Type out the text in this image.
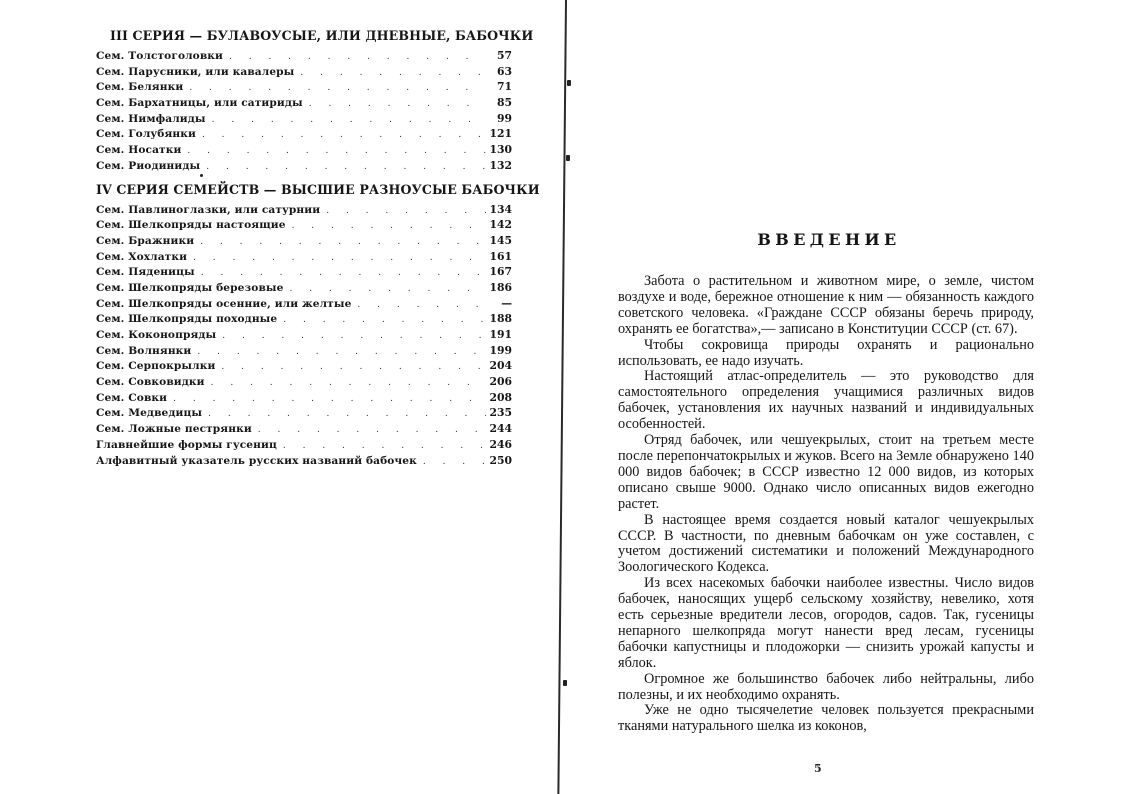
III СЕРИЯ — БУЛАВОУСЫЕ, ИЛИ ДНЕВНЫЕ, БАБОЧКИ
Сем. Толстоголовки . . .	57
Сем. Парусники, или кавалеры . . .	63
Сем. Белянки . . .	71
Сем. Бархатницы, или сатириды . . .	85
Сем. Нимфалиды . . .	99
Сем. Голубянки . . .	121
Сем. Носатки . . .	130
Сем. Риодиниды . . .	132
IV СЕРИЯ СЕМЕЙСТВ — ВЫСШИЕ РАЗНОУСЫЕ БАБОЧКИ
Сем. Павлиноглазки, или сатурнии . . .	134
Сем. Шелкопряды настоящие . . .	142
Сем. Бражники . . .	145
Сем. Хохлатки . . .	161
Сем. Пяденицы . . .	167
Сем. Шелкопряды березовые . . .	186
Сем. Шелкопряды осенние, или желтые . . .	—
Сем. Шелкопряды походные . . .	188
Сем. Коконопряды . . .	191
Сем. Волнянки . . .	199
Сем. Серпокрылки . . .	204
Сем. Совковидки . . .	206
Сем. Совки . . .	208
Сем. Медведицы . . .	235
Сем. Ложные пестрянки . . .	244
Главнейшие формы гусениц . . .	246
Алфавитный указатель русских названий бабочек . . .	250
ВВЕДЕНИЕ

Забота о растительном и животном мире, о земле, чистом воздухе и воде, бережное отношение к ним — обязанность каждого советского человека. «Граждане СССР обязаны беречь природу, охранять ее богатства»,— записано в Конституции СССР (ст. 67).

Чтобы сокровища природы охранять и рационально использовать, ее надо изучать.

Настоящий атлас-определитель — это руководство для самостоятельного определения учащимися различных видов бабочек, установления их научных названий и индивидуальных особенностей.

Отряд бабочек, или чешуекрылых, стоит на третьем месте после перепончатокрылых и жуков. Всего на Земле обнаружено 140 000 видов бабочек; в СССР известно 12 000 видов, из которых описано свыше 9000. Однако число описанных видов ежегодно растет.

В настоящее время создается новый каталог чешуекрылых СССР. В частности, по дневным бабочкам он уже составлен, с учетом достижений систематики и положений Международного Зоологического Кодекса.

Из всех насекомых бабочки наиболее известны. Число видов бабочек, наносящих ущерб сельскому хозяйству, невелико, хотя есть серьезные вредители лесов, огородов, садов. Так, гусеницы непарного шелкопряда могут нанести вред лесам, гусеницы бабочки капустницы и плодожорки — снизить урожай капусты и яблок.

Огромное же большинство бабочек либо нейтральны, либо полезны, и их необходимо охранять.

Уже не одно тысячелетие человек пользуется прекрасными тканями натурального шелка из коконов,

5
